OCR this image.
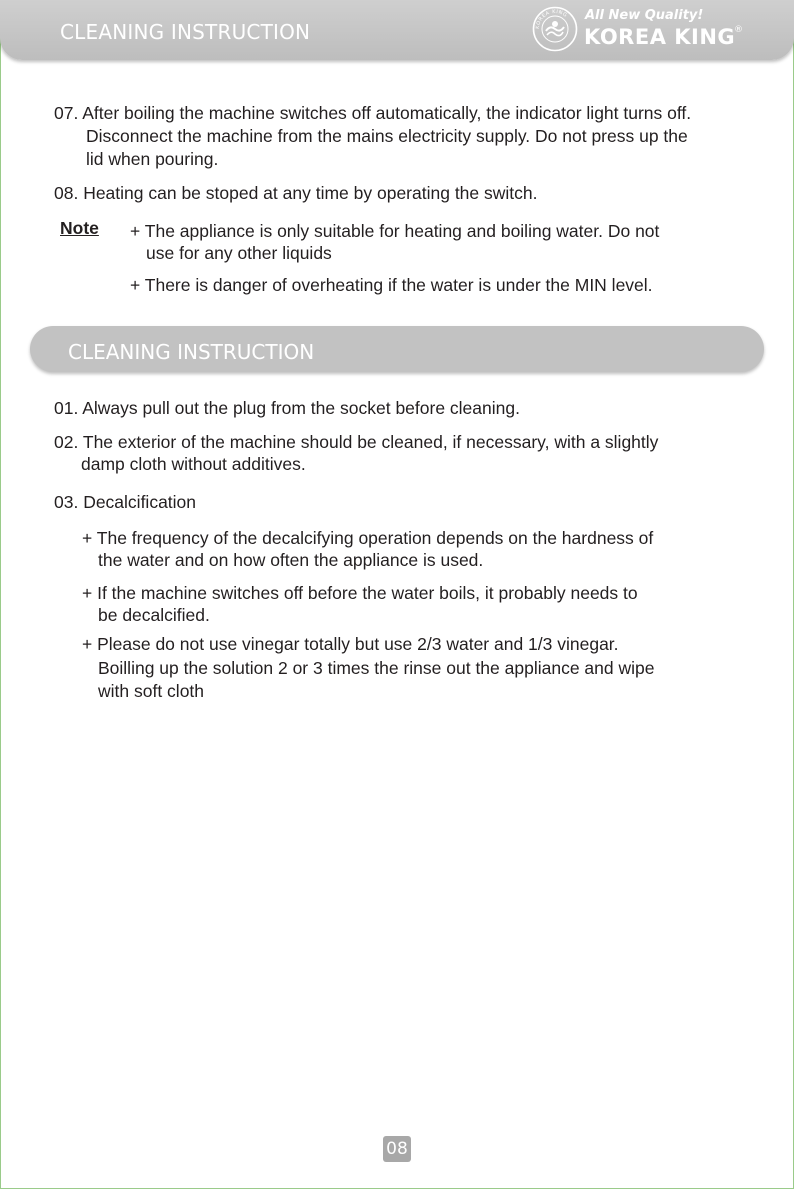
CLEANING INSTRUCTION	KOREA KING All New Quality!
KOREA KING
®
07. After boiling the machine switches off automatically, the indicator light turns off.
Disconnect the machine from the mains electricity supply. Do not press up the
lid when pouring.
08. Heating can be stoped at any time by operating the switch.
Note + The appliance is only suitable for heating and boiling water. Do not
use for any other liquids
+ There is danger of overheating if the water is under the MIN level.
CLEANING INSTRUCTION
01. Always pull out the plug from the socket before cleaning.
02. The exterior of the machine should be cleaned, if necessary, with a slightly
damp cloth without additives.
03. Decalcification
+ The frequency of the decalcifying operation depends on the hardness of
the water and on how often the appliance is used.
+ If the machine switches off before the water boils, it probably needs to
be decalcified.
+ Please do not use vinegar totally but use 2/3 water and 1/3 vinegar.
Boilling up the solution 2 or 3 times the rinse out the appliance and wipe
with soft cloth
08
